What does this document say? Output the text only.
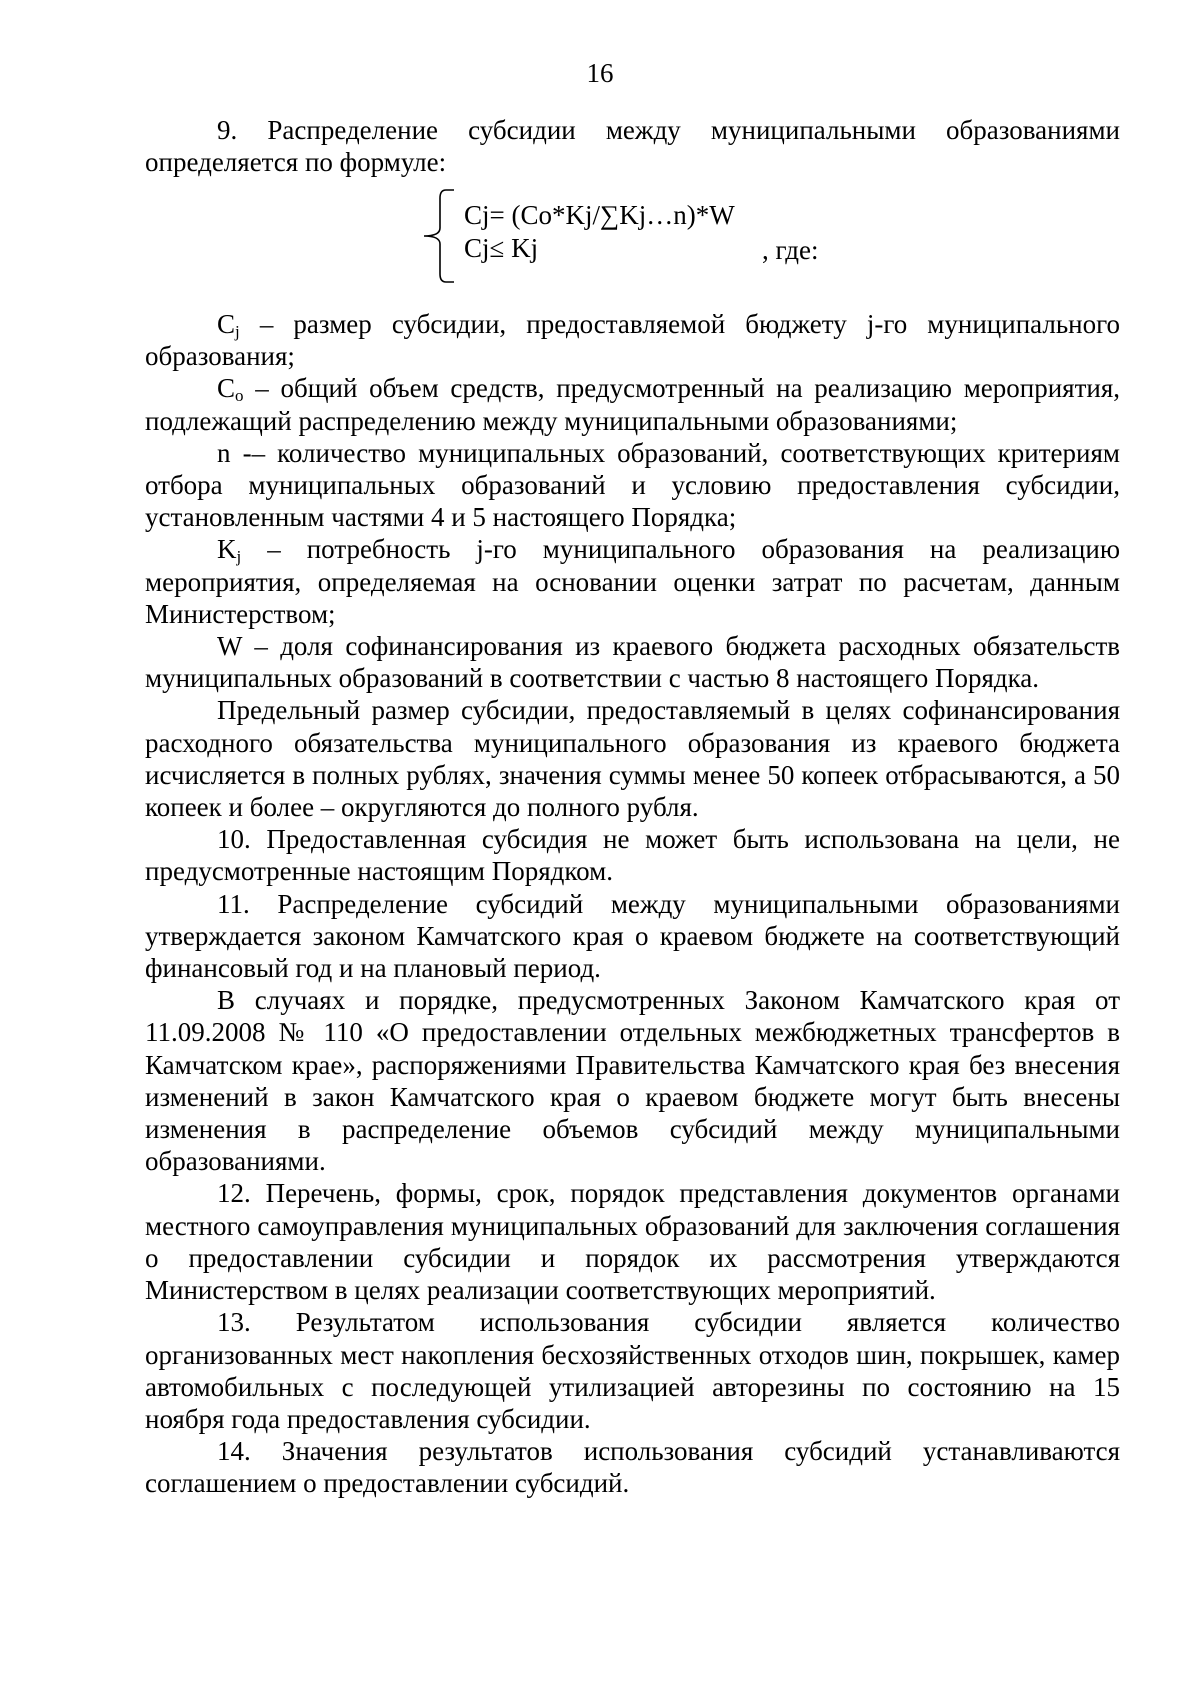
16

9. Распределение субсидии между муниципальными образованиями определяется по формуле:

Cj= (Co*Kj/∑Kj…n)*W
Cj≤ Kj	, где:

$C_j$ – размер субсидии, предоставляемой бюджету j-го муниципального образования;

$C_o$ – общий объем средств, предусмотренный на реализацию мероприятия, подлежащий распределению между муниципальными образованиями;

n -– количество муниципальных образований, соответствующих критериям отбора муниципальных образований и условию предоставления субсидии, установленным частями 4 и 5 настоящего Порядка;

$K_j$ – потребность j-го муниципального образования на реализацию мероприятия, определяемая на основании оценки затрат по расчетам, данным Министерством;

W – доля софинансирования из краевого бюджета расходных обязательств муниципальных образований в соответствии с частью 8 настоящего Порядка.

Предельный размер субсидии, предоставляемый в целях софинансирования расходного обязательства муниципального образования из краевого бюджета исчисляется в полных рублях, значения суммы менее 50 копеек отбрасываются, а 50 копеек и более – округляются до полного рубля.

10. Предоставленная субсидия не может быть использована на цели, не предусмотренные настоящим Порядком.

11. Распределение субсидий между муниципальными образованиями утверждается законом Камчатского края о краевом бюджете на соответствующий финансовый год и на плановый период.

В случаях и порядке, предусмотренных Законом Камчатского края от 11.09.2008 № 110 «О предоставлении отдельных межбюджетных трансфертов в Камчатском крае», распоряжениями Правительства Камчатского края без внесения изменений в закон Камчатского края о краевом бюджете могут быть внесены изменения в распределение объемов субсидий между муниципальными образованиями.

12. Перечень, формы, срок, порядок представления документов органами местного самоуправления муниципальных образований для заключения соглашения о предоставлении субсидии и порядок их рассмотрения утверждаются Министерством в целях реализации соответствующих мероприятий.

13. Результатом использования субсидии является количество организованных мест накопления бесхозяйственных отходов шин, покрышек, камер автомобильных с последующей утилизацией авторезины по состоянию на 15 ноября года предоставления субсидии.

14. Значения результатов использования субсидий устанавливаются соглашением о предоставлении субсидий.
